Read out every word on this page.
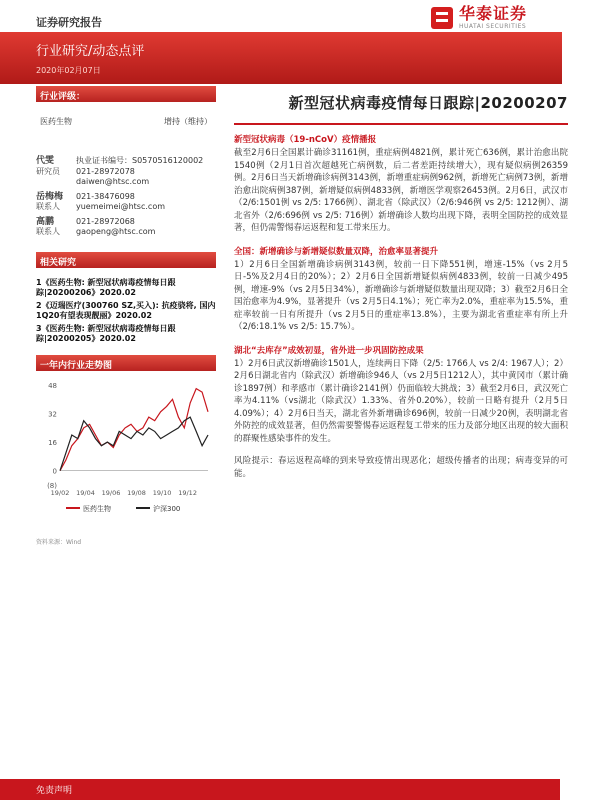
证券研究报告	华泰证券
HUATAI SECURITIES
行业研究/动态点评
2020年02月07日
行业评级：
医药生物	增持（维持）
代雯	执业证书编号： S0570516120002
研究员	021-28972078
daiwen@htsc.com
岳梅梅	021-38476098
联系人	yuemeimei@htsc.com
高鹏	021-28972068
联系人	gaopeng@htsc.com
相关研究

1《医药生物: 新型冠状病毒疫情每日跟踪|20200206》2020.02

2《迈瑞医疗(300760 SZ,买入): 抗疫骁将, 国内1Q20有望表现靓丽》2020.02

3《医药生物: 新型冠状病毒疫情每日跟踪|20200205》2020.02

一年内行业走势图
48
32
16
0
(8)
19/02 19/04 19/06 19/08 19/10 19/12
医药生物	沪深300
资料来源：Wind
新型冠状病毒疫情每日跟踪|20200207
新型冠状病毒（19-nCoV）疫情播报
截至2月6日全国累计确诊31161例，重症病例4821例，累计死亡636例，累计治愈出院1540例（2月1日首次超越死亡病例数，后二者差距持续增大），现有疑似病例26359例。2月6日当天新增确诊病例3143例，新增重症病例962例，新增死亡病例73例，新增治愈出院病例387例，新增疑似病例4833例，新增医学观察26453例。2月6日，武汉市（2/6:1501例 vs 2/5: 1766例）、湖北省（除武汉）（2/6:946例 vs 2/5: 1212例）、湖北省外（2/6:696例 vs 2/5: 716例）新增确诊人数均出现下降，表明全国防控的成效显著，但仍需警惕春运返程和复工带来压力。
全国：新增确诊与新增疑似数量双降，治愈率显著提升
1）2月6日全国新增确诊病例3143例，较前一日下降551例，增速-15%（vs 2月5日-5%及2月4日的20%）；2）2月6日全国新增疑似病例4833例，较前一日减少495例，增速-9%（vs 2月5日34%），新增确诊与新增疑似数量出现双降；3）截至2月6日全国治愈率为4.9%，显著提升（vs 2月5日4.1%）；死亡率为2.0%，重症率为15.5%，重症率较前一日有所提升（vs 2月5日的重症率13.8%），主要为湖北省重症率有所上升（2/6:18.1% vs 2/5: 15.7%）。
湖北“去库存”成效初显，省外进一步巩固防控成果
1）2月6日武汉新增确诊1501人，连续两日下降（2/5: 1766人 vs 2/4: 1967人）；2）2月6日湖北省内（除武汉）新增确诊946人（vs 2月5日1212人），其中黄冈市（累计确诊1897例）和孝感市（累计确诊2141例）仍面临较大挑战；3）截至2月6日，武汉死亡率为4.11%（vs湖北（除武汉）1.33%、省外0.20%），较前一日略有提升（2月5日4.09%）；4）2月6日当天，湖北省外新增确诊696例，较前一日减少20例，表明湖北省外防控的成效显著，但仍然需要警惕春运返程复工带来的压力及部分地区出现的较大面积的群聚性感染事件的发生。
风险提示：春运返程高峰的到来导致疫情出现恶化；超级传播者的出现；病毒变异的可能。
免责声明
